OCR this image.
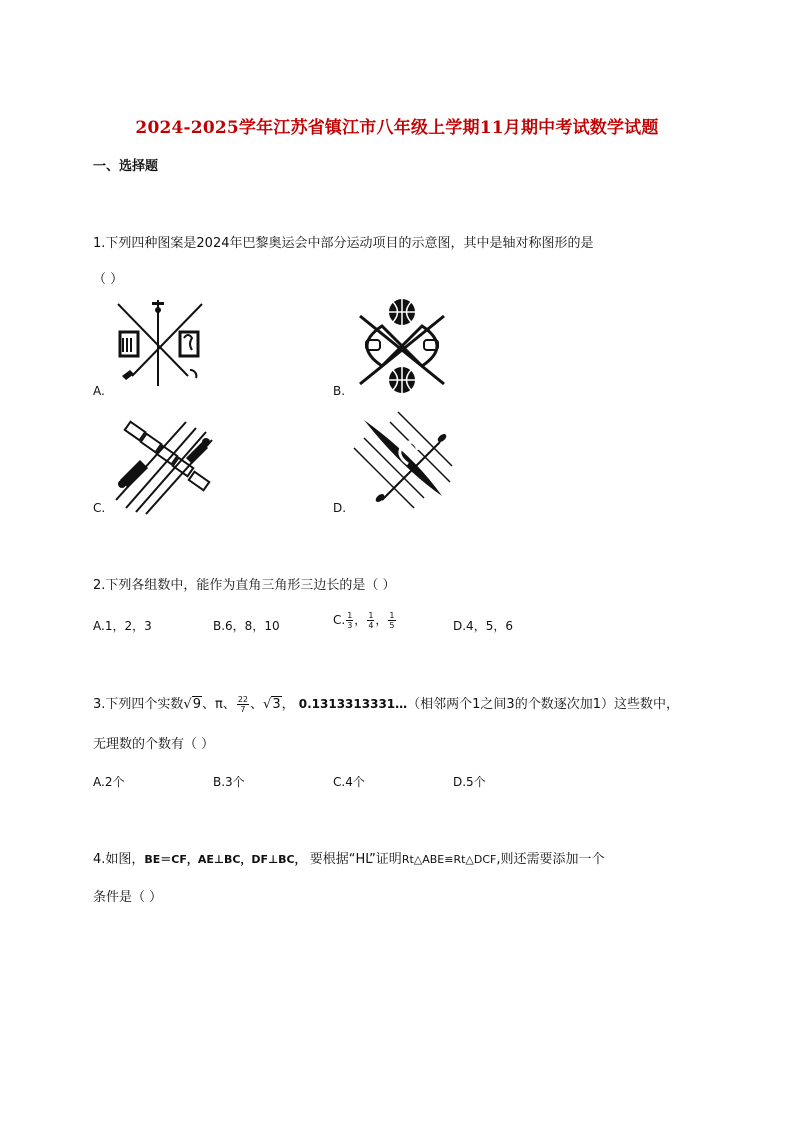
2024-2025学年江苏省镇江市八年级上学期11月期中考试数学试题
一、选择题
1.下列四种图案是2024年巴黎奥运会中部分运动项目的示意图，其中是轴对称图形的是
（ ）
A.	B.
C.	D.
2.下列各组数中，能作为直角三角形三边长的是（ ）
A.1，2，3	B.6，8，10	C. $\frac{1}{3}$ ， $\frac{1}{4}$ ， $\frac{1}{5}$	D.4，5，6
3.下列四个实数√9、π、 $\frac{22}{7}$ 、√3， 0.1313313331…（相邻两个1之间3的个数逐次加1）这些数中，
无理数的个数有（ ）
A.2个	B.3个	C.4个	D.5个
4.如图，BE＝CF，AE⊥BC，DF⊥BC， 要根据“HL”证明Rt△ABE≌Rt△DCF,则还需要添加一个
条件是（ ）
